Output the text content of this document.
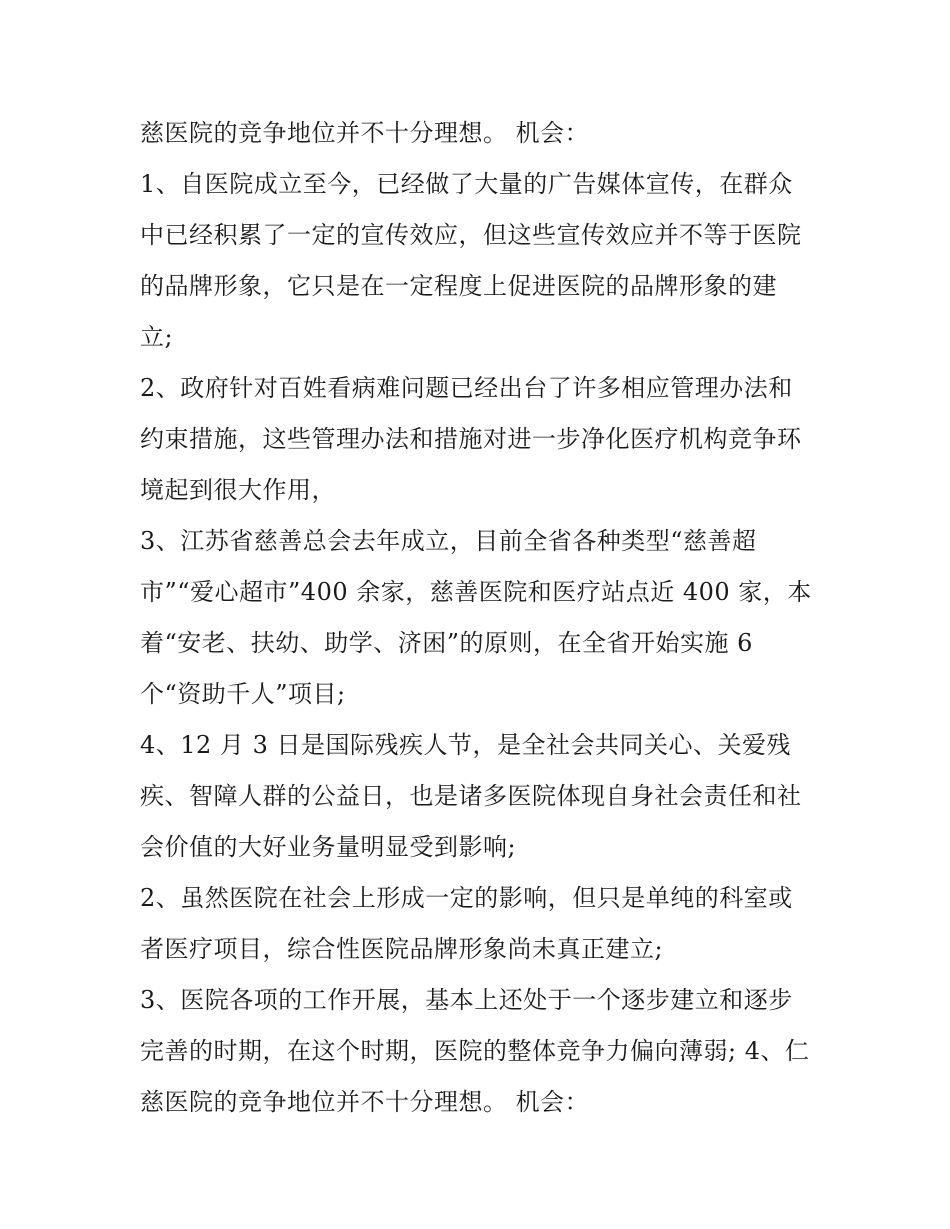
慈医院的竞争地位并不十分理想。 机会：
1、自医院成立至今，已经做了大量的广告媒体宣传，在群众
中已经积累了一定的宣传效应，但这些宣传效应并不等于医院
的品牌形象，它只是在一定程度上促进医院的品牌形象的建
立;
2、政府针对百姓看病难问题已经出台了许多相应管理办法和
约束措施，这些管理办法和措施对进一步净化医疗机构竞争环
境起到很大作用，
3、江苏省慈善总会去年成立，目前全省各种类型“慈善超
市”“爱心超市”400 余家，慈善医院和医疗站点近 400 家，本
着“安老、扶幼、助学、济困”的原则，在全省开始实施 6
个“资助千人”项目;
4、12 月 3 日是国际残疾人节，是全社会共同关心、关爱残
疾、智障人群的公益日，也是诸多医院体现自身社会责任和社
会价值的大好业务量明显受到影响;
2、虽然医院在社会上形成一定的影响，但只是单纯的科室或
者医疗项目，综合性医院品牌形象尚未真正建立;
3、医院各项的工作开展，基本上还处于一个逐步建立和逐步
完善的时期，在这个时期，医院的整体竞争力偏向薄弱; 4、仁
慈医院的竞争地位并不十分理想。 机会：
